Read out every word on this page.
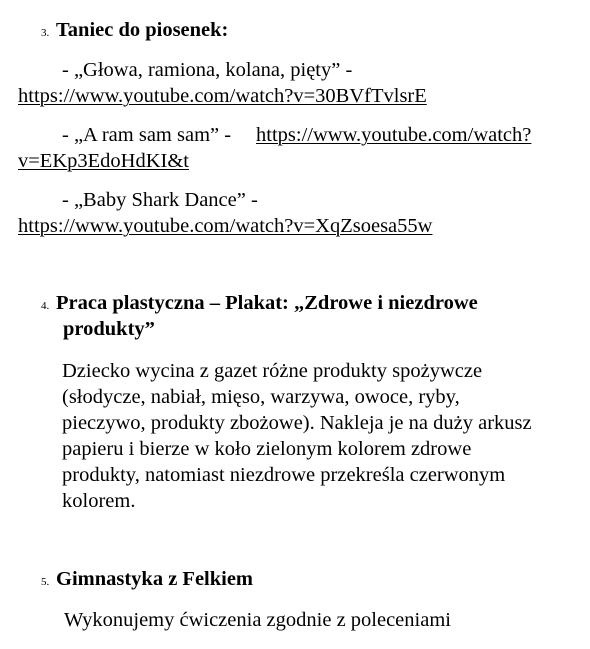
3. Taniec do piosenek:
- „Głowa, ramiona, kolana, pięty” -
https://www.youtube.com/watch?v=30BVfTvlsrE
- „A ram sam sam” - https://www.youtube.com/watch?
v=EKp3EdoHdKI&t
- „Baby Shark Dance” -
https://www.youtube.com/watch?v=XqZsoesa55w
4. Praca plastyczna – Plakat: „Zdrowe i niezdrowe
produkty”
Dziecko wycina z gazet różne produkty spożywcze
(słodycze, nabiał, mięso, warzywa, owoce, ryby,
pieczywo, produkty zbożowe). Nakleja je na duży arkusz
papieru i bierze w koło zielonym kolorem zdrowe
produkty, natomiast niezdrowe przekreśla czerwonym
kolorem.
5. Gimnastyka z Felkiem
Wykonujemy ćwiczenia zgodnie z poleceniami
